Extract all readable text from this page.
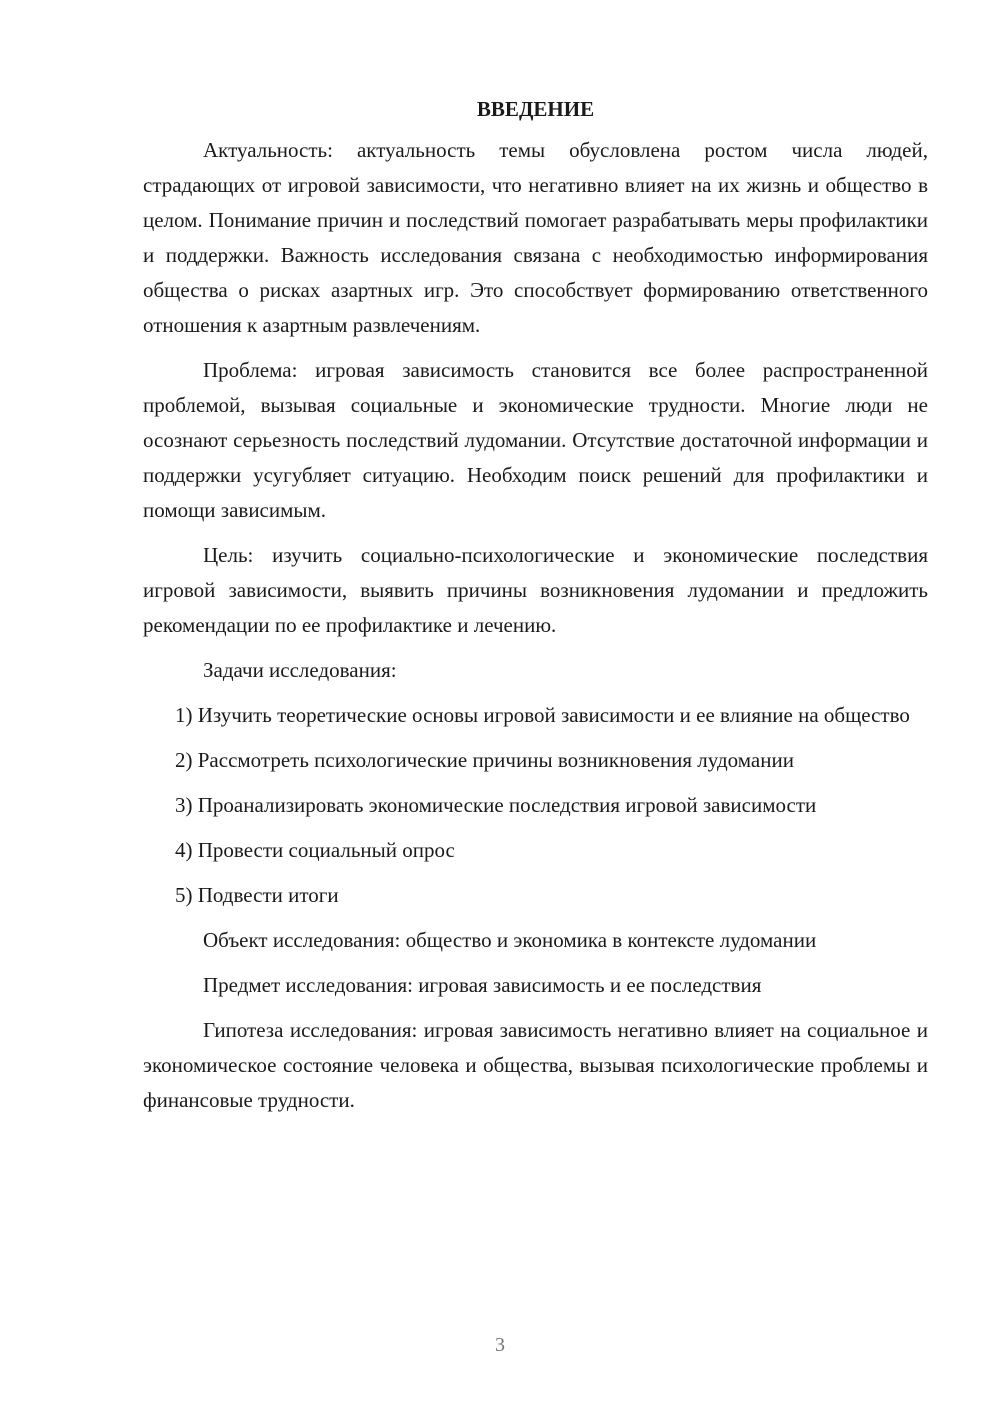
ВВЕДЕНИЕ

Актуальность: актуальность темы обусловлена ростом числа людей, страдающих от игровой зависимости, что негативно влияет на их жизнь и общество в целом. Понимание причин и последствий помогает разрабатывать меры профилактики и поддержки. Важность исследования связана с необходимостью информирования общества о рисках азартных игр. Это способствует формированию ответственного отношения к азартным развлечениям.

Проблема: игровая зависимость становится все более распространенной проблемой, вызывая социальные и экономические трудности. Многие люди не осознают серьезность последствий лудомании. Отсутствие достаточной информации и поддержки усугубляет ситуацию. Необходим поиск решений для профилактики и помощи зависимым.

Цель: изучить социально-психологические и экономические последствия игровой зависимости, выявить причины возникновения лудомании и предложить рекомендации по ее профилактике и лечению.

Задачи исследования:

1) Изучить теоретические основы игровой зависимости и ее влияние на общество

2) Рассмотреть психологические причины возникновения лудомании

3) Проанализировать экономические последствия игровой зависимости

4) Провести социальный опрос

5) Подвести итоги

Объект исследования: общество и экономика в контексте лудомании

Предмет исследования: игровая зависимость и ее последствия

Гипотеза исследования: игровая зависимость негативно влияет на социальное и экономическое состояние человека и общества, вызывая психологические проблемы и финансовые трудности.

3
